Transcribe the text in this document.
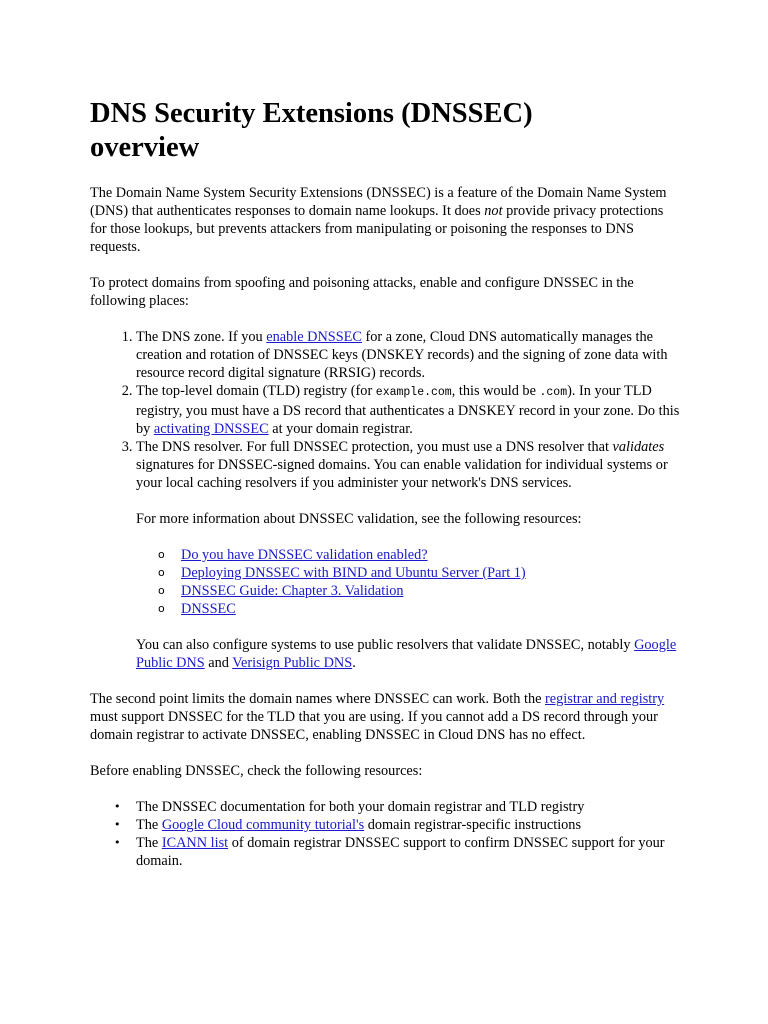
DNS Security Extensions (DNSSEC) overview

The Domain Name System Security Extensions (DNSSEC) is a feature of the Domain Name System (DNS) that authenticates responses to domain name lookups. It does not provide privacy protections for those lookups, but prevents attackers from manipulating or poisoning the responses to DNS requests.

To protect domains from spoofing and poisoning attacks, enable and configure DNSSEC in the following places:

1. The DNS zone. If you enable DNSSEC for a zone, Cloud DNS automatically manages the creation and rotation of DNSSEC keys (DNSKEY records) and the signing of zone data with resource record digital signature (RRSIG) records.
2. The top-level domain (TLD) registry (for example.com, this would be .com). In your TLD registry, you must have a DS record that authenticates a DNSKEY record in your zone. Do this by activating DNSSEC at your domain registrar.
3. The DNS resolver. For full DNSSEC protection, you must use a DNS resolver that validates signatures for DNSSEC-signed domains. You can enable validation for individual systems or your local caching resolvers if you administer your network's DNS services.

For more information about DNSSEC validation, see the following resources:

o Do you have DNSSEC validation enabled?
o Deploying DNSSEC with BIND and Ubuntu Server (Part 1)
o DNSSEC Guide: Chapter 3. Validation
o DNSSEC

You can also configure systems to use public resolvers that validate DNSSEC, notably Google Public DNS and Verisign Public DNS.

The second point limits the domain names where DNSSEC can work. Both the registrar and registry must support DNSSEC for the TLD that you are using. If you cannot add a DS record through your domain registrar to activate DNSSEC, enabling DNSSEC in Cloud DNS has no effect.

Before enabling DNSSEC, check the following resources:

• The DNSSEC documentation for both your domain registrar and TLD registry
• The Google Cloud community tutorial's domain registrar-specific instructions
• The ICANN list of domain registrar DNSSEC support to confirm DNSSEC support for your domain.
